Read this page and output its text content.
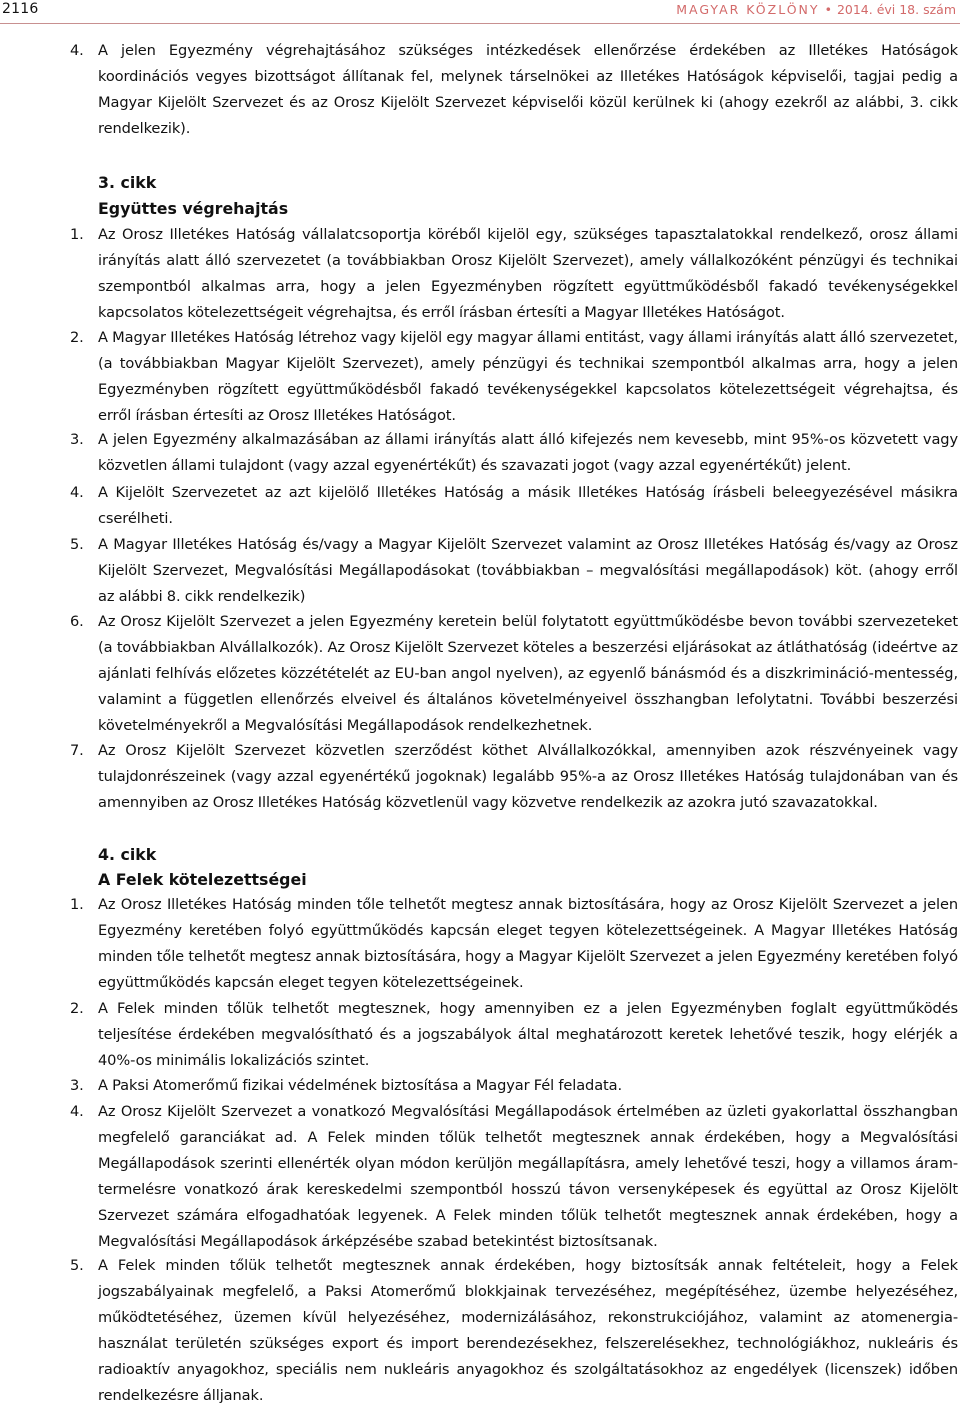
2116	MAGYAR KÖZLÖNY • 2014. évi 18. szám
4. A jelen Egyezmény végrehajtásához szükséges intézkedések ellenőrzése érdekében az Illetékes Hatóságok koordinációs vegyes bizottságot állítanak fel, melynek társelnökei az Illetékes Hatóságok képviselői, tagjai pedig a Magyar Kijelölt Szervezet és az Orosz Kijelölt Szervezet képviselői közül kerülnek ki (ahogy ezekről az alábbi, 3. cikk rendelkezik).
3. cikk
Együttes végrehajtás
1. Az Orosz Illetékes Hatóság vállalatcsoportja köréből kijelöl egy, szükséges tapasztalatokkal rendelkező, orosz állami irányítás alatt álló szervezetet (a továbbiakban Orosz Kijelölt Szervezet), amely vállalkozóként pénzügyi és technikai szempontból alkalmas arra, hogy a jelen Egyezményben rögzített együttműködésből fakadó tevékenységekkel kapcsolatos kötelezettségeit végrehajtsa, és erről írásban értesíti a Magyar Illetékes Hatóságot.
2. A Magyar Illetékes Hatóság létrehoz vagy kijelöl egy magyar állami entitást, vagy állami irányítás alatt álló szervezetet, (a továbbiakban Magyar Kijelölt Szervezet), amely pénzügyi és technikai szempontból alkalmas arra, hogy a jelen Egyezményben rögzített együttműködésből fakadó tevékenységekkel kapcsolatos kötelezettségeit végrehajtsa, és erről írásban értesíti az Orosz Illetékes Hatóságot.
3. A jelen Egyezmény alkalmazásában az állami irányítás alatt álló kifejezés nem kevesebb, mint 95%-os közvetett vagy közvetlen állami tulajdont (vagy azzal egyenértékűt) és szavazati jogot (vagy azzal egyenértékűt) jelent.
4. A Kijelölt Szervezetet az azt kijelölő Illetékes Hatóság a másik Illetékes Hatóság írásbeli beleegyezésével másikra cserélheti.
5. A Magyar Illetékes Hatóság és/vagy a Magyar Kijelölt Szervezet valamint az Orosz Illetékes Hatóság és/vagy az Orosz Kijelölt Szervezet, Megvalósítási Megállapodásokat (továbbiakban – megvalósítási megállapodások) köt. (ahogy erről az alábbi 8. cikk rendelkezik)
6. Az Orosz Kijelölt Szervezet a jelen Egyezmény keretein belül folytatott együttműködésbe bevon további szervezeteket (a továbbiakban Alvállalkozók). Az Orosz Kijelölt Szervezet köteles a beszerzési eljárásokat az átláthatóság (ideértve az ajánlati felhívás előzetes közzétételét az EU-ban angol nyelven), az egyenlő bánásmód és a diszkrimináció-mentesség, valamint a független ellenőrzés elveivel és általános követelményeivel összhangban lefolytatni. További beszerzési követelményekről a Megvalósítási Megállapodások rendelkezhetnek.
7. Az Orosz Kijelölt Szervezet közvetlen szerződést köthet Alvállalkozókkal, amennyiben azok részvényeinek vagy tulajdonrészeinek (vagy azzal egyenértékű jogoknak) legalább 95%-a az Orosz Illetékes Hatóság tulajdonában van és amennyiben az Orosz Illetékes Hatóság közvetlenül vagy közvetve rendelkezik az azokra jutó szavazatokkal.
4. cikk
A Felek kötelezettségei
1. Az Orosz Illetékes Hatóság minden tőle telhetőt megtesz annak biztosítására, hogy az Orosz Kijelölt Szervezet a jelen Egyezmény keretében folyó együttműködés kapcsán eleget tegyen kötelezettségeinek. A Magyar Illetékes Hatóság minden tőle telhetőt megtesz annak biztosítására, hogy a Magyar Kijelölt Szervezet a jelen Egyezmény keretében folyó együttműködés kapcsán eleget tegyen kötelezettségeinek.
2. A Felek minden tőlük telhetőt megtesznek, hogy amennyiben ez a jelen Egyezményben foglalt együttműködés teljesítése érdekében megvalósítható és a jogszabályok által meghatározott keretek lehetővé teszik, hogy elérjék a 40%-os minimális lokalizációs szintet.
3. A Paksi Atomerőmű fizikai védelmének biztosítása a Magyar Fél feladata.
4. Az Orosz Kijelölt Szervezet a vonatkozó Megvalósítási Megállapodások értelmében az üzleti gyakorlattal összhangban megfelelő garanciákat ad. A Felek minden tőlük telhetőt megtesznek annak érdekében, hogy a Megvalósítási Megállapodások szerinti ellenérték olyan módon kerüljön megállapításra, amely lehetővé teszi, hogy a villamos áram-termelésre vonatkozó árak kereskedelmi szempontból hosszú távon versenyképesek és együttal az Orosz Kijelölt Szervezet számára elfogadhatóak legyenek. A Felek minden tőlük telhetőt megtesznek annak érdekében, hogy a Megvalósítási Megállapodások árképzésébe szabad betekintést biztosítsanak.
5. A Felek minden tőlük telhetőt megtesznek annak érdekében, hogy biztosítsák annak feltételeit, hogy a Felek jogszabályainak megfelelő, a Paksi Atomerőmű blokkjainak tervezéséhez, megépítéséhez, üzembe helyezéséhez, működtetéséhez, üzemen kívül helyezéséhez, modernizálásához, rekonstrukciójához, valamint az atomenergia-használat területén szükséges export és import berendezésekhez, felszerelésekhez, technológiákhoz, nukleáris és radioaktív anyagokhoz, speciális nem nukleáris anyagokhoz és szolgáltatásokhoz az engedélyek (licenszek) időben rendelkezésre álljanak.
